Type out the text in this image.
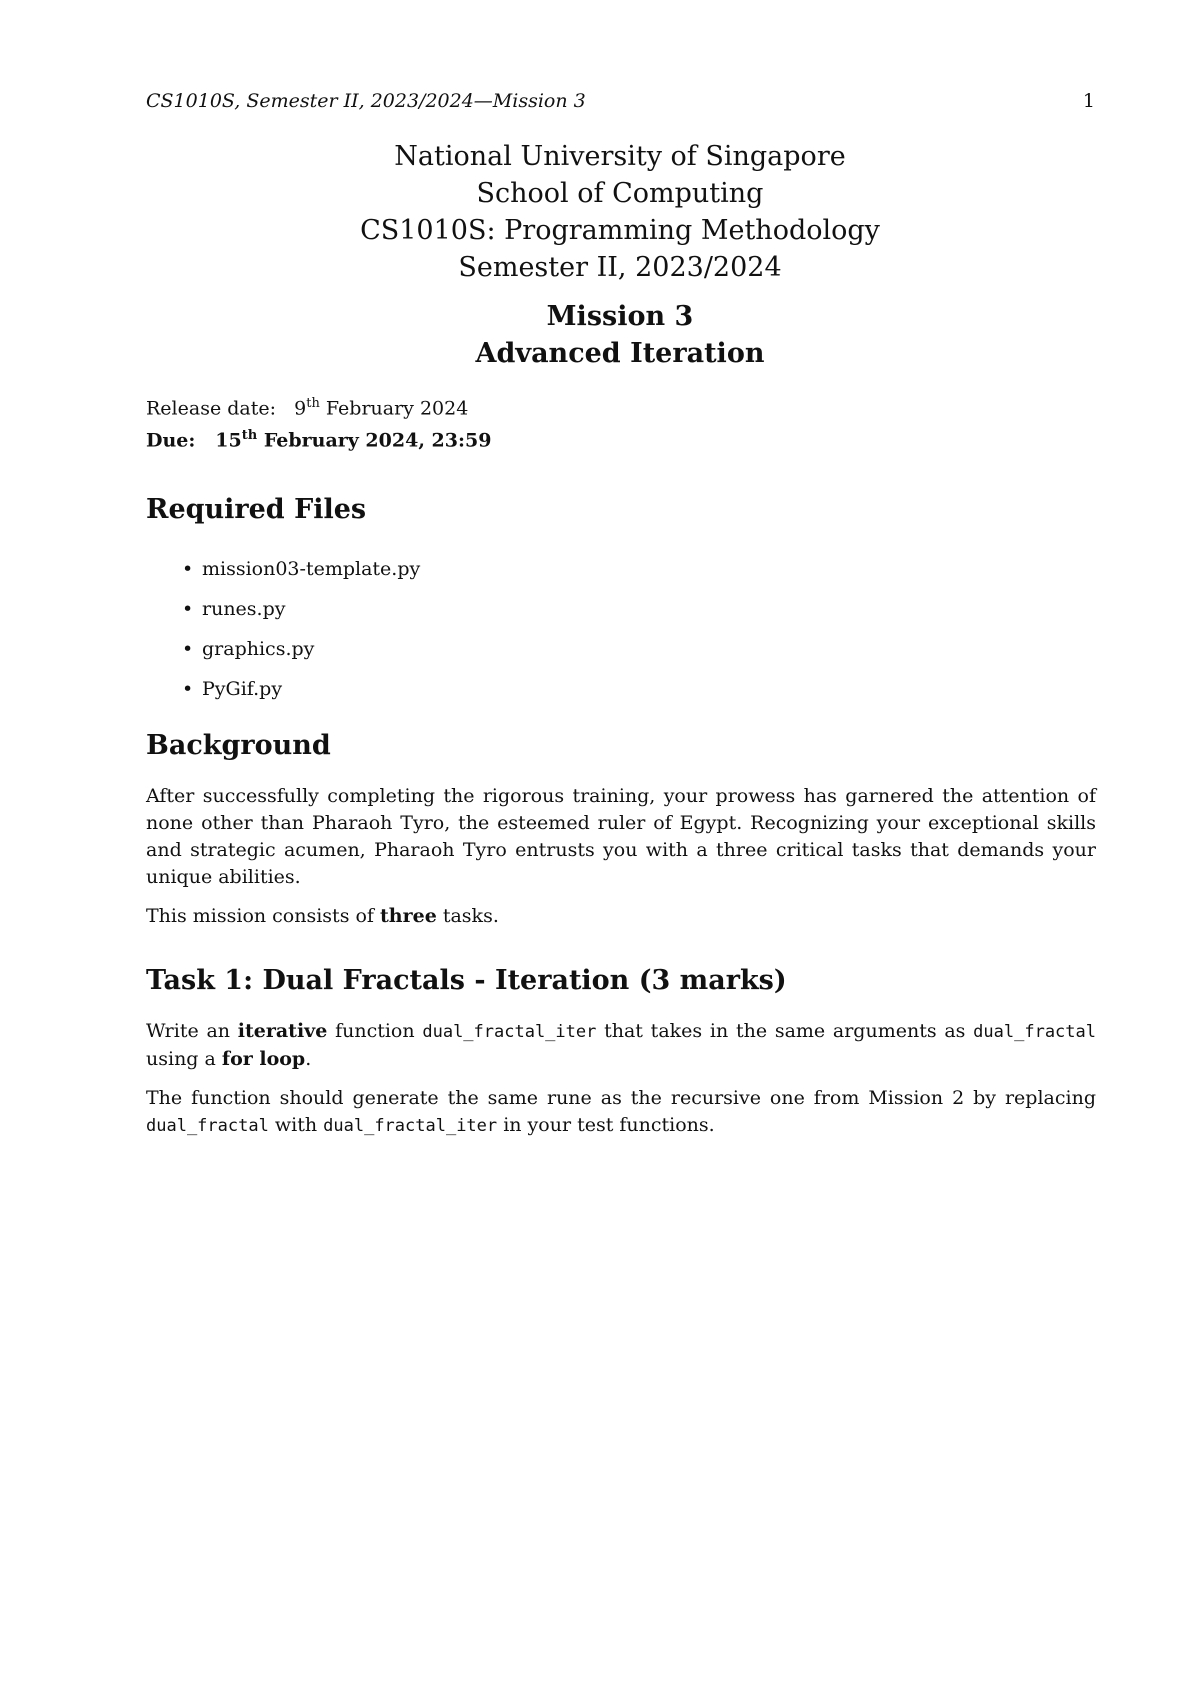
CS1010S, Semester II, 2023/2024—Mission 3	1
National University of Singapore
School of Computing
CS1010S: Programming Methodology
Semester II, 2023/2024
Mission 3
Advanced Iteration
Release date: 9th February 2024
Due: 15th February 2024, 23:59
Required Files
• mission03-template.py
• runes.py
• graphics.py
• PyGif.py
Background

After successfully completing the rigorous training, your prowess has garnered the attention of none other than Pharaoh Tyro, the esteemed ruler of Egypt. Recognizing your exceptional skills and strategic acumen, Pharaoh Tyro entrusts you with a three critical tasks that demands your unique abilities.

This mission consists of three tasks.

Task 1: Dual Fractals - Iteration (3 marks)

Write an iterative function dual_fractal_iter that takes in the same arguments as dual_fractal using a for loop.

The function should generate the same rune as the recursive one from Mission 2 by replacing dual_fractal with dual_fractal_iter in your test functions.
